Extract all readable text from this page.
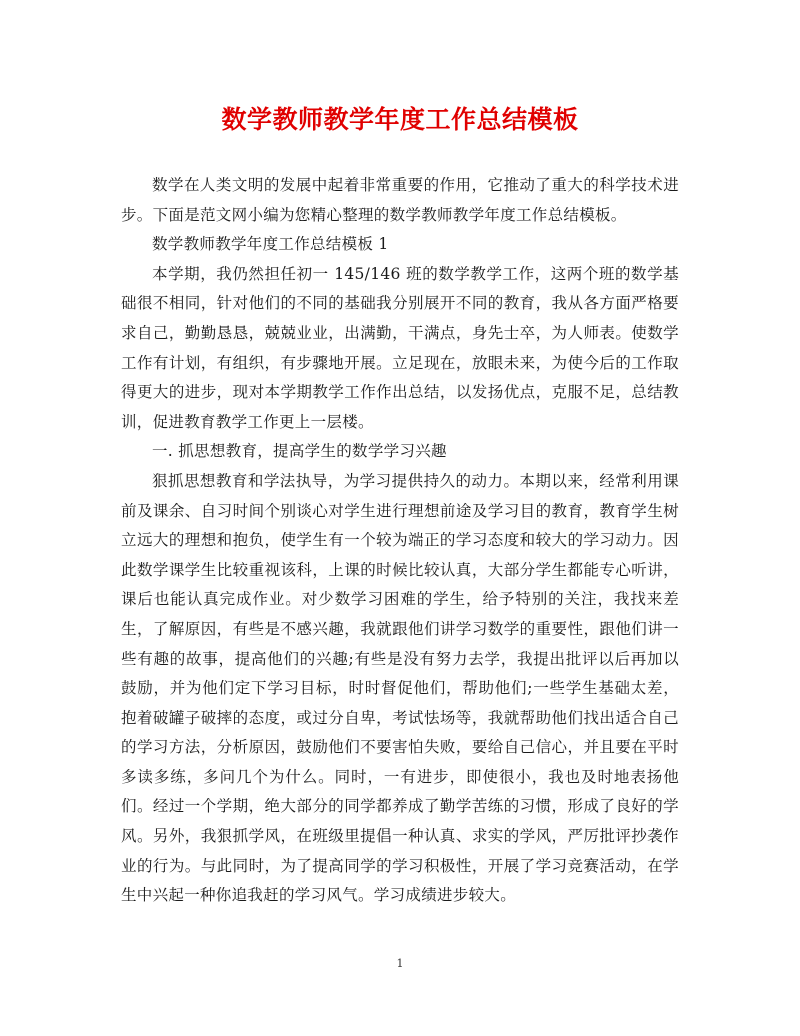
数学教师教学年度工作总结模板

数学在人类文明的发展中起着非常重要的作用，它推动了重大的科学技术进步。下面是范文网小编为您精心整理的数学教师教学年度工作总结模板。

数学教师教学年度工作总结模板 1

本学期，我仍然担任初一 145/146 班的数学教学工作，这两个班的数学基础很不相同，针对他们的不同的基础我分别展开不同的教育，我从各方面严格要求自己，勤勤恳恳，兢兢业业，出满勤，干满点，身先士卒，为人师表。使数学工作有计划，有组织，有步骤地开展。立足现在，放眼未来，为使今后的工作取得更大的进步，现对本学期教学工作作出总结，以发扬优点，克服不足，总结教训，促进教育教学工作更上一层楼。

一. 抓思想教育，提高学生的数学学习兴趣

狠抓思想教育和学法执导，为学习提供持久的动力。本期以来，经常利用课前及课余、自习时间个别谈心对学生进行理想前途及学习目的教育，教育学生树立远大的理想和抱负，使学生有一个较为端正的学习态度和较大的学习动力。因此数学课学生比较重视该科，上课的时候比较认真，大部分学生都能专心听讲，课后也能认真完成作业。对少数学习困难的学生，给予特别的关注，我找来差生，了解原因，有些是不感兴趣，我就跟他们讲学习数学的重要性，跟他们讲一些有趣的故事，提高他们的兴趣;有些是没有努力去学，我提出批评以后再加以鼓励，并为他们定下学习目标，时时督促他们，帮助他们;一些学生基础太差，抱着破罐子破摔的态度，或过分自卑，考试怯场等，我就帮助他们找出适合自己的学习方法，分析原因，鼓励他们不要害怕失败，要给自己信心，并且要在平时多读多练，多问几个为什么。同时，一有进步，即使很小，我也及时地表扬他们。经过一个学期，绝大部分的同学都养成了勤学苦练的习惯，形成了良好的学风。另外，我狠抓学风，在班级里提倡一种认真、求实的学风，严厉批评抄袭作业的行为。与此同时，为了提高同学的学习积极性，开展了学习竞赛活动，在学生中兴起一种你追我赶的学习风气。学习成绩进步较大。

1
